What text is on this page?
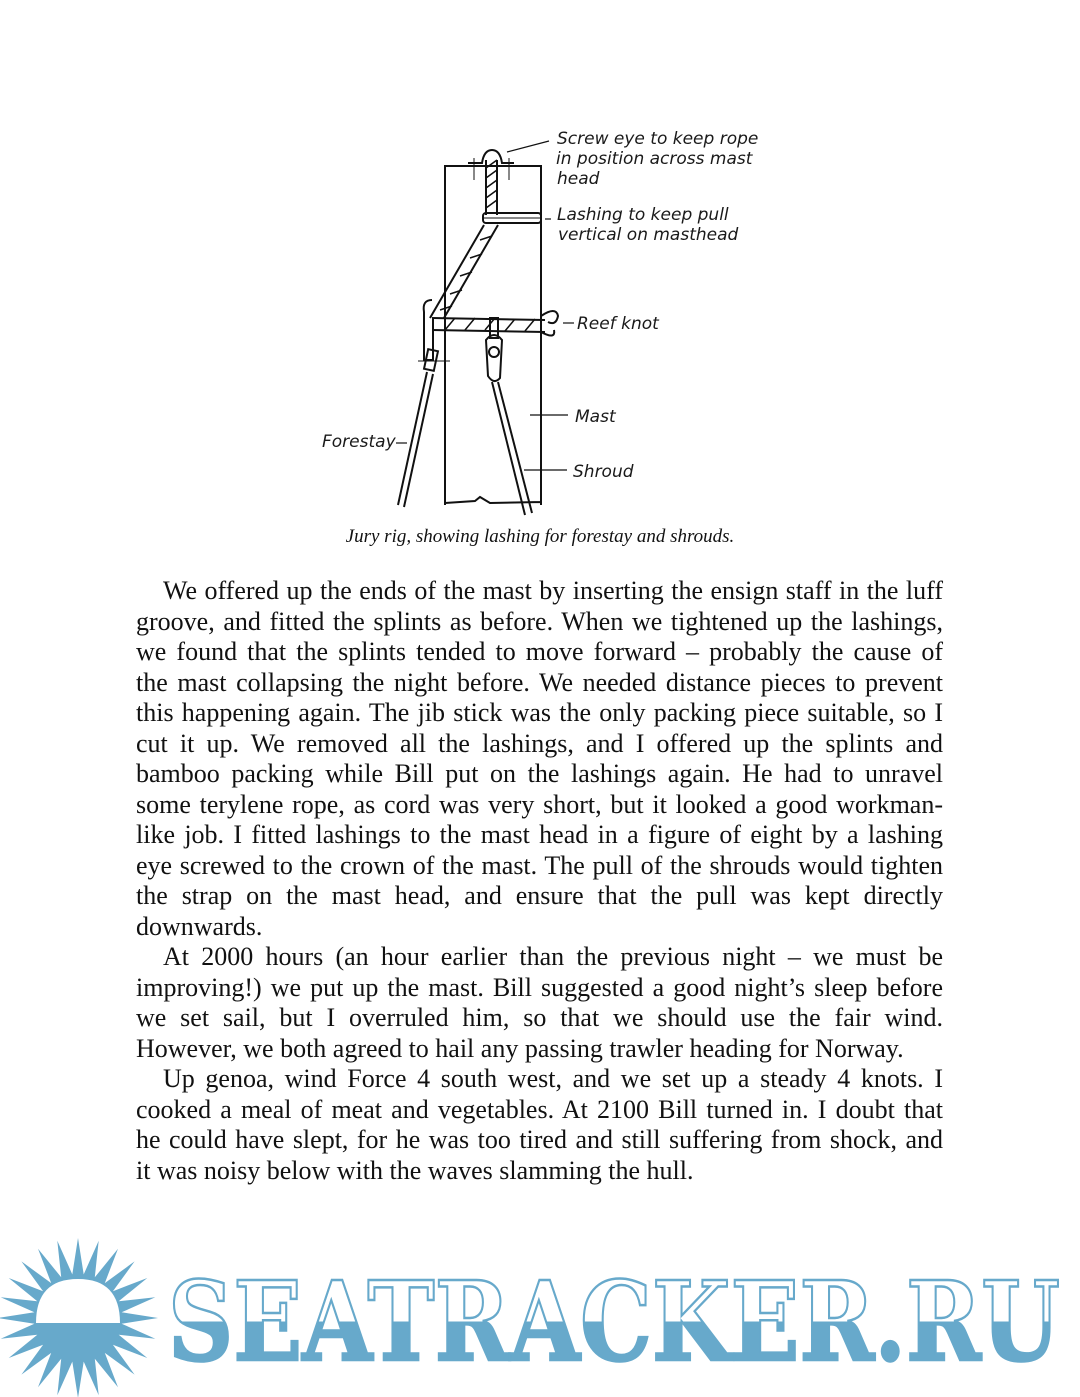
Screw eye to keep rope
in position across mast
head
Lashing to keep pull
vertical on masthead
Reef knot
Mast
Forestay
Shroud
Jury rig, showing lashing for forestay and shrouds.
We offered up the ends of the mast by inserting the ensign staff in the luff
groove, and fitted the splints as before. When we tightened up the lashings,
we found that the splints tended to move forward – probably the cause of
the mast collapsing the night before. We needed distance pieces to prevent
this happening again. The jib stick was the only packing piece suitable, so I
cut it up. We removed all the lashings, and I offered up the splints and
bamboo packing while Bill put on the lashings again. He had to unravel
some terylene rope, as cord was very short, but it looked a good workman-
like job. I fitted lashings to the mast head in a figure of eight by a lashing
eye screwed to the crown of the mast. The pull of the shrouds would tighten
the strap on the mast head, and ensure that the pull was kept directly
downwards.
At 2000 hours (an hour earlier than the previous night – we must be
improving!) we put up the mast. Bill suggested a good night’s sleep before
we set sail, but I overruled him, so that we should use the fair wind.
However, we both agreed to hail any passing trawler heading for Norway.
Up genoa, wind Force 4 south west, and we set up a steady 4 knots. I
cooked a meal of meat and vegetables. At 2100 Bill turned in. I doubt that
he could have slept, for he was too tired and still suffering from shock, and
it was noisy below with the waves slamming the hull.
SEATRACKER.RU
